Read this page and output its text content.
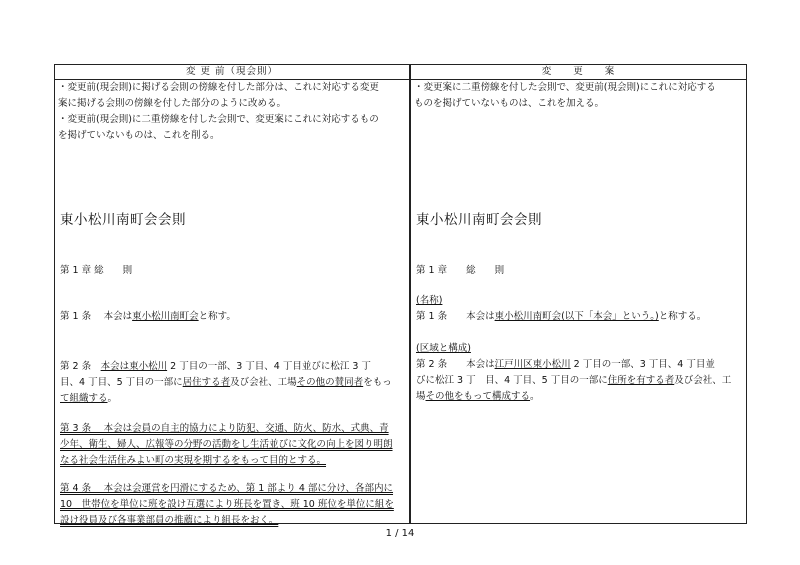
変 更 前（現会則）	変　　更　　案
・変更前(現会則)に掲げる会則の傍線を付した部分は、これに対応する変更
案に掲げる会則の傍線を付した部分のように改める。
・変更前(現会則)に二重傍線を付した会則で、変更案にこれに対応するもの
を掲げていないものは、これを削る。
東小松川南町会会則
第 1 章 総　　則
第 1 条　 本会は東小松川南町会と称す。
第 2 条　本会は東小松川 2 丁目の一部、3 丁目、4 丁目並びに松江 3 丁
目、4 丁目、5 丁目の一部に居住する者及び会社、工場その他の賛同者をもっ
て組織する。
第 3 条　 本会は会員の自主的協力により防犯、交通、防火、防水、式典、青
少年、衛生、婦人、広報等の分野の活動をし生活並びに文化の向上を図り明朗
なる社会生活住みよい町の実現を期するをもって目的とする。
第 4 条　 本会は会運営を円滑にするため、第 1 部より 4 部に分け、各部内に
10　世帯位を単位に班を設け互選により班長を置き、班 10 班位を単位に組を
設け役員及び各事業部員の推薦により組長をおく。
・変更案に二重傍線を付した会則で、変更前(現会則)にこれに対応する
ものを掲げていないものは、これを加える。
東小松川南町会会則
第 1 章　　総　　則
(名称)
第 1 条　　本会は東小松川南町会(以下「本会」という。)と称する。
(区域と構成)
第 2 条　　本会は江戸川区東小松川 2 丁目の一部、3 丁目、4 丁目並
びに松江 3 丁　目、4 丁目、5 丁目の一部に住所を有する者及び会社、工
場その他をもって構成する。
1 / 14
